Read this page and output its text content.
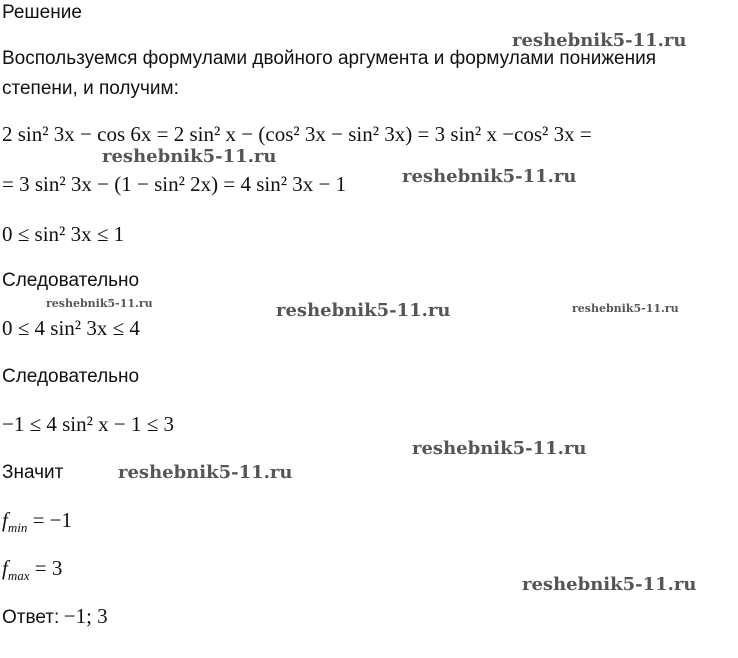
Решение
Воспользуемся формулами двойного аргумента и формулами понижения
степени, и получим:
2 sin² 3x − cos 6x = 2 sin² x − (cos² 3x − sin² 3x) = 3 sin² x −cos² 3x =
= 3 sin² 3x − (1 − sin² 2x) = 4 sin² 3x − 1
0 ≤ sin² 3x ≤ 1
Следовательно
0 ≤ 4 sin² 3x ≤ 4
Следовательно
−1 ≤ 4 sin² x − 1 ≤ 3
Значит
$f_{min} = -1$
$f_{max} = 3$
Ответ: −1; 3
reshebnik5-11.ru
reshebnik5-11.ru
reshebnik5-11.ru
reshebnik5-11.ru	reshebnik5-11.ru	reshebnik5-11.ru
reshebnik5-11.ru
reshebnik5-11.ru
reshebnik5-11.ru
